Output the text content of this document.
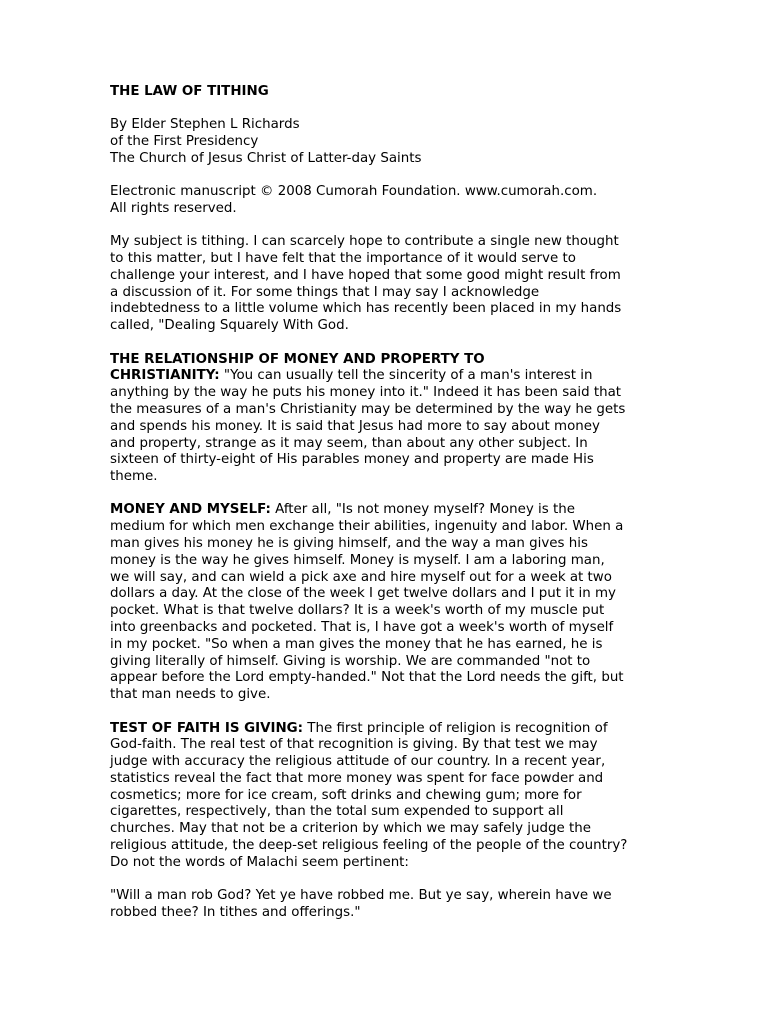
THE LAW OF TITHING
By Elder Stephen L Richards
of the First Presidency
The Church of Jesus Christ of Latter-day Saints
Electronic manuscript © 2008 Cumorah Foundation. www.cumorah.com.
All rights reserved.

My subject is tithing. I can scarcely hope to contribute a single new thought
to this matter, but I have felt that the importance of it would serve to
challenge your interest, and I have hoped that some good might result from
a discussion of it. For some things that I may say I acknowledge
indebtedness to a little volume which has recently been placed in my hands
called, "Dealing Squarely With God.

THE RELATIONSHIP OF MONEY AND PROPERTY TO
CHRISTIANITY: "You can usually tell the sincerity of a man's interest in
anything by the way he puts his money into it." Indeed it has been said that
the measures of a man's Christianity may be determined by the way he gets
and spends his money. It is said that Jesus had more to say about money
and property, strange as it may seem, than about any other subject. In
sixteen of thirty-eight of His parables money and property are made His
theme.

MONEY AND MYSELF: After all, "Is not money myself? Money is the
medium for which men exchange their abilities, ingenuity and labor. When a
man gives his money he is giving himself, and the way a man gives his
money is the way he gives himself. Money is myself. I am a laboring man,
we will say, and can wield a pick axe and hire myself out for a week at two
dollars a day. At the close of the week I get twelve dollars and I put it in my
pocket. What is that twelve dollars? It is a week's worth of my muscle put
into greenbacks and pocketed. That is, I have got a week's worth of myself
in my pocket. "So when a man gives the money that he has earned, he is
giving literally of himself. Giving is worship. We are commanded "not to
appear before the Lord empty-handed." Not that the Lord needs the gift, but
that man needs to give.

TEST OF FAITH IS GIVING: The first principle of religion is recognition of
God-faith. The real test of that recognition is giving. By that test we may
judge with accuracy the religious attitude of our country. In a recent year,
statistics reveal the fact that more money was spent for face powder and
cosmetics; more for ice cream, soft drinks and chewing gum; more for
cigarettes, respectively, than the total sum expended to support all
churches. May that not be a criterion by which we may safely judge the
religious attitude, the deep-set religious feeling of the people of the country?
Do not the words of Malachi seem pertinent:

"Will a man rob God? Yet ye have robbed me. But ye say, wherein have we
robbed thee? In tithes and offerings."
